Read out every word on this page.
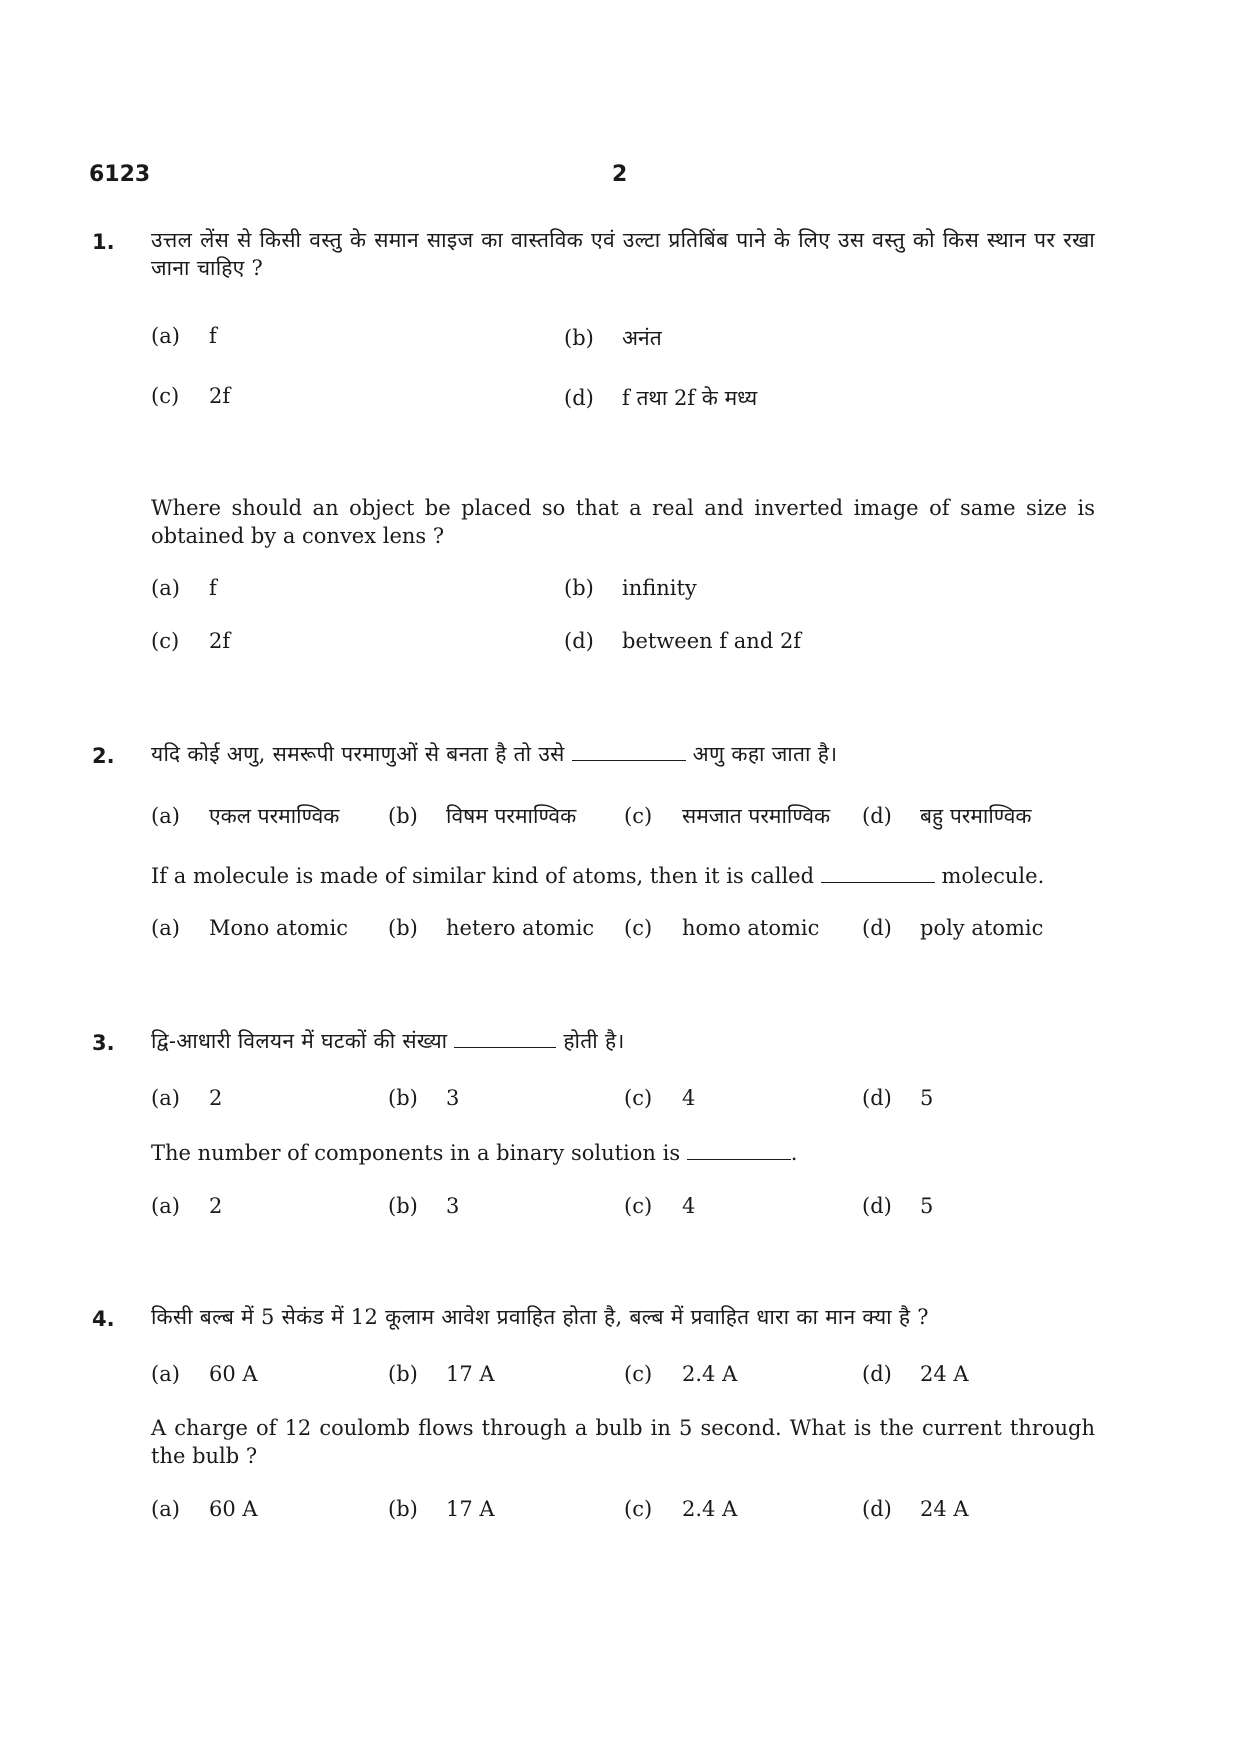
6123	2
1. उत्तल लेंस से किसी वस्तु के समान साइज का वास्तविक एवं उल्टा प्रतिबिंब पाने के लिए उस वस्तु को किस स्थान पर रखा जाना चाहिए ?
(a) f	(b) अनंत
(c) 2f	(d) f तथा 2f के मध्य
Where should an object be placed so that a real and inverted image of same size is obtained by a convex lens ?
(a) f	(b) infinity
(c) 2f	(d) between f and 2f
2. यदि कोई अणु, समरूपी परमाणुओं से बनता है तो उसे	अणु कहा जाता है।
(a) एकल परमाण्विक (b) विषम परमाण्विक (c) समजात परमाण्विक (d) बहु परमाण्विक
If a molecule is made of similar kind of atoms, then it is called	molecule.
(a) Mono atomic (b) hetero atomic (c) homo atomic (d) poly atomic
3. द्वि-आधारी विलयन में घटकों की संख्या	होती है।
(a) 2	(b) 3	(c) 4	(d) 5
The number of components in a binary solution is	.
(a) 2	(b) 3	(c) 4	(d) 5
4. किसी बल्ब में 5 सेकंड में 12 कूलाम आवेश प्रवाहित होता है, बल्ब में प्रवाहित धारा का मान क्या है ?
(a) 60 A	(b) 17 A	(c) 2.4 A	(d) 24 A
A charge of 12 coulomb flows through a bulb in 5 second. What is the current through the bulb ?
(a) 60 A	(b) 17 A	(c) 2.4 A	(d) 24 A
